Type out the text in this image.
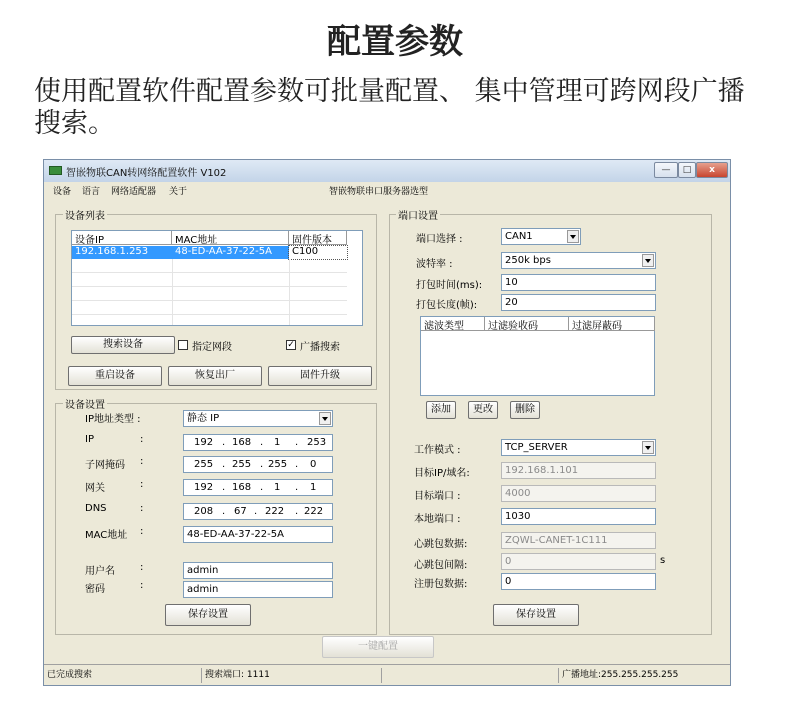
配置参数
使用配置软件配置参数可批量配置、 集中管理可跨网段广播搜索。
智嵌物联CAN转网络配置软件 V102	—	□	x
设备 语言 网络适配器 关于	智嵌物联串口服务器选型
设备列表
设备IP	MAC地址	固件版本
192.168.1.253	48-ED-AA-37-22-5A	C100
搜索设备	指定网段	✓ 广播搜索
重启设备	恢复出厂	固件升级
设备设置
IP地址类型 :	静态 IP
IP	:	192 . 168 . 1 . 253
子网掩码 :	255 . 255 . 255 . 0
网关	:	192 . 168 . 1 . 1
DNS	:	208 . 67 . 222 . 222
MAC地址 :	48-ED-AA-37-22-5A
用户名	:	admin
密码	:	admin
保存设置
端口设置
端口选择 :	CAN1
波特率 :	250k bps
打包时间(ms):	10
打包长度(帧):	20
滤波类型	过滤验收码	过滤屏蔽码
添加	更改	删除
工作模式 :	TCP_SERVER
目标IP/域名:	192.168.1.101
目标端口 :	4000
本地端口 :	1030
心跳包数据:	ZQWL-CANET-1C111
心跳包间隔:	0	s
注册包数据:	0
保存设置
一键配置
已完成搜索	搜索端口: 1111	广播地址:255.255.255.255
